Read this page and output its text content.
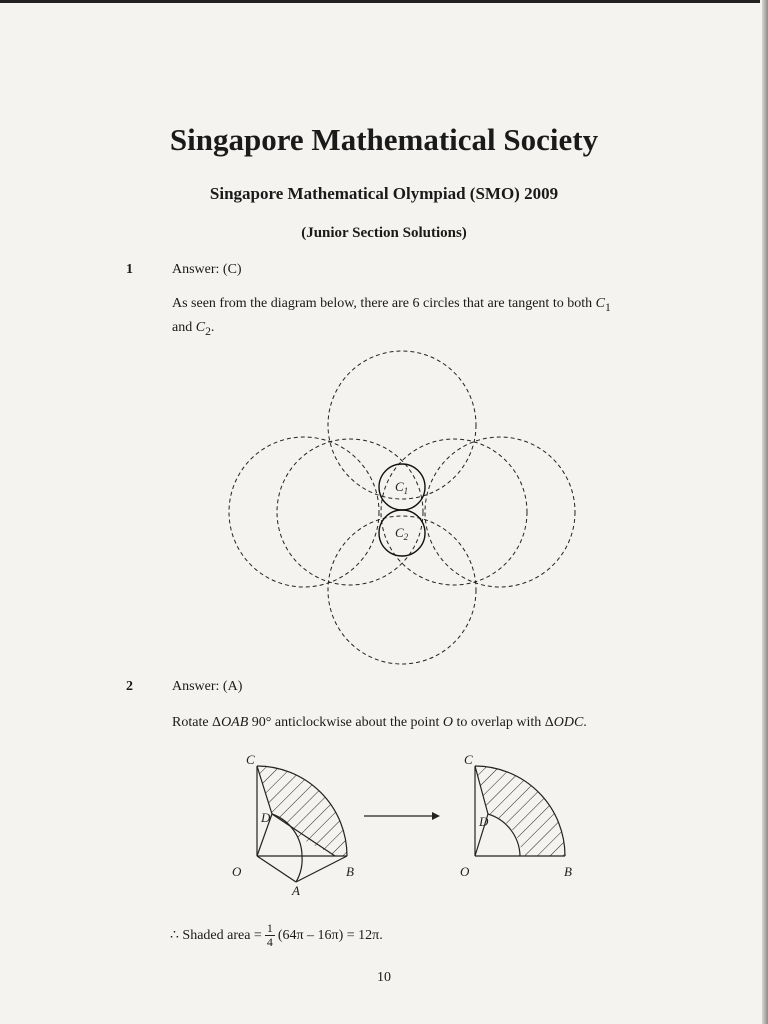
Singapore Mathematical Society
Singapore Mathematical Olympiad (SMO) 2009
(Junior Section Solutions)
1	Answer: (C)
As seen from the diagram below, there are 6 circles that are tangent to both $C_1$ and $C_2$.
$C_1$
$C_2$
2	Answer: (A)
Rotate ΔOAB 90° anticlockwise about the point O to overlap with ΔODC.
C
D
O	B
A
C
D
O	B
∴ Shaded area = $\frac{1}{4} (64\pi - 16\pi) = 12\pi$.
10
